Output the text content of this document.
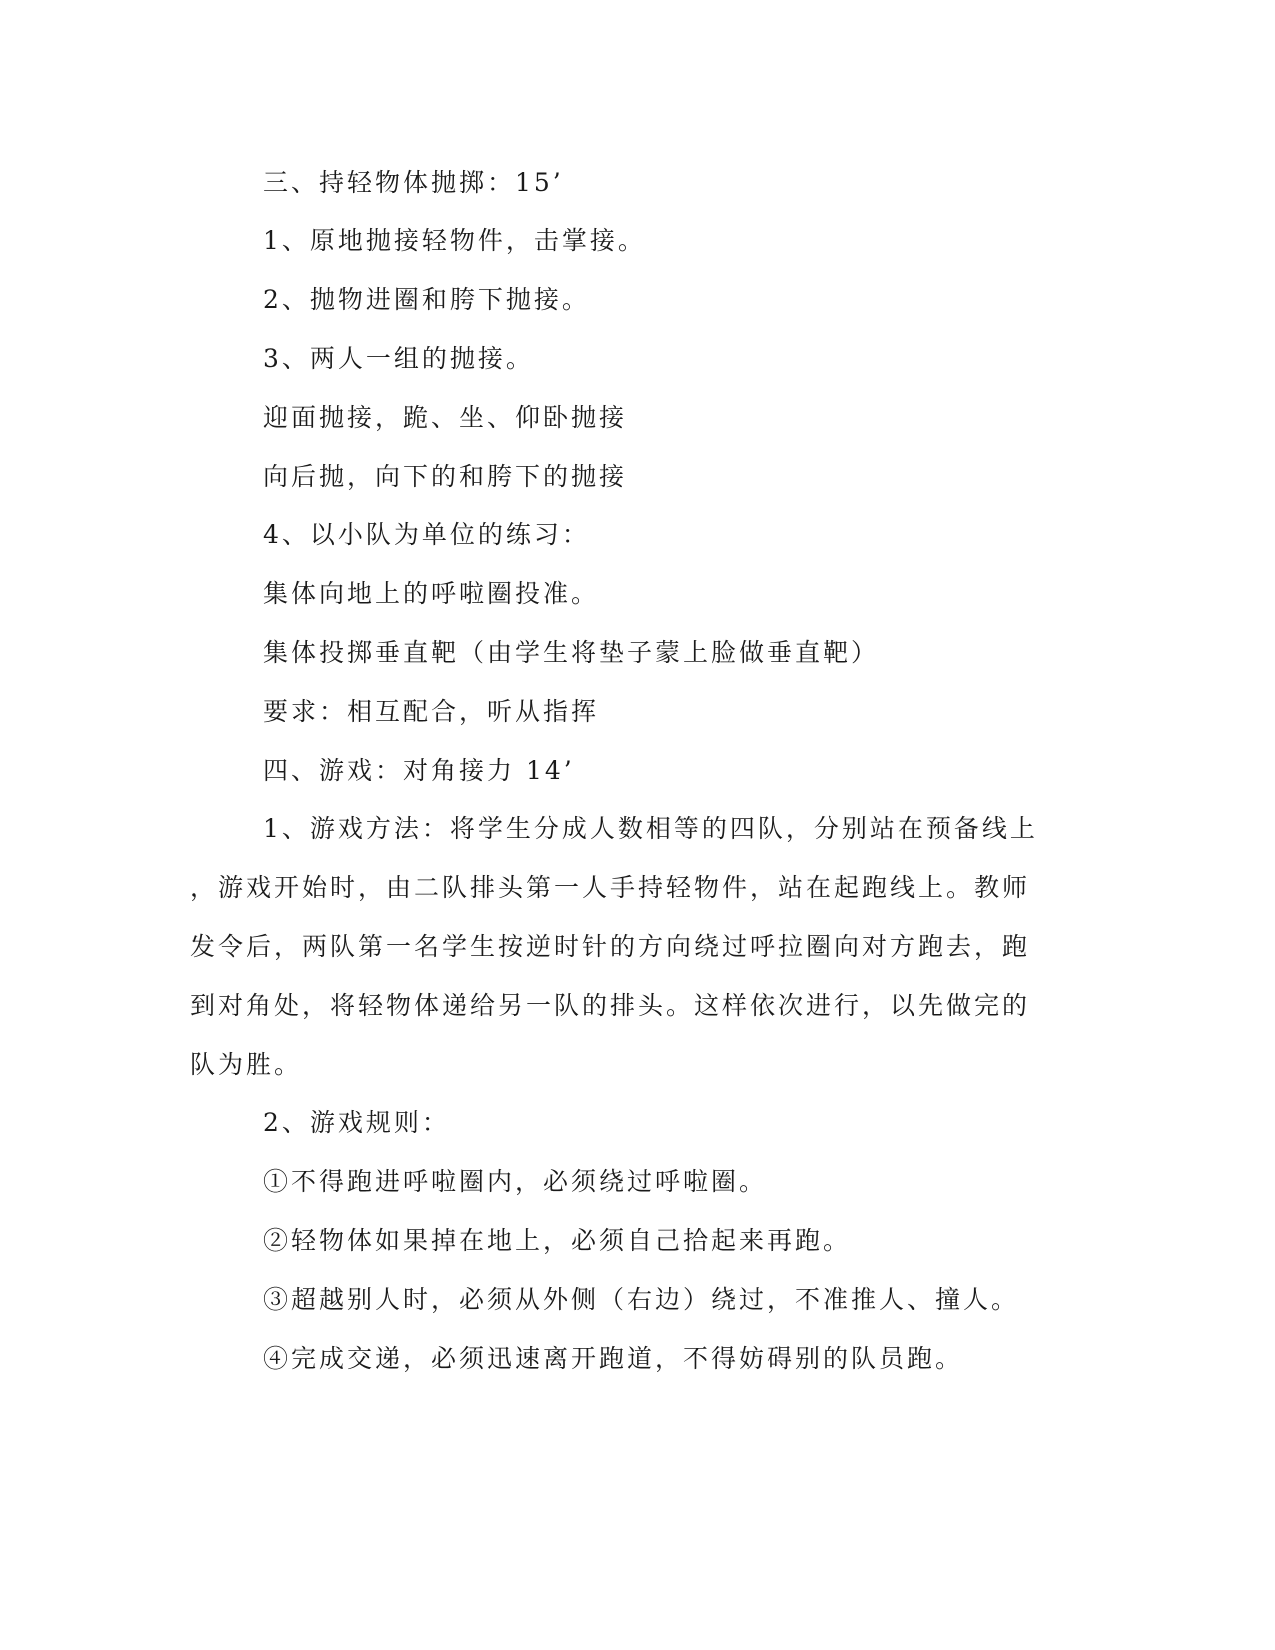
三、持轻物体抛掷：15’
1、原地抛接轻物件，击掌接。
2、抛物进圈和胯下抛接。
3、两人一组的抛接。
迎面抛接，跪、坐、仰卧抛接
向后抛，向下的和胯下的抛接
4、以小队为单位的练习：
集体向地上的呼啦圈投准。
集体投掷垂直靶（由学生将垫子蒙上脸做垂直靶）
要求：相互配合，听从指挥
四、游戏：对角接力 14’
1、游戏方法：将学生分成人数相等的四队，分别站在预备线上
，游戏开始时，由二队排头第一人手持轻物件，站在起跑线上。教师
发令后，两队第一名学生按逆时针的方向绕过呼拉圈向对方跑去，跑
到对角处，将轻物体递给另一队的排头。这样依次进行，以先做完的
队为胜。
2、游戏规则：
①不得跑进呼啦圈内，必须绕过呼啦圈。
②轻物体如果掉在地上，必须自己拾起来再跑。
③超越别人时，必须从外侧（右边）绕过，不准推人、撞人。
④完成交递，必须迅速离开跑道，不得妨碍别的队员跑。
